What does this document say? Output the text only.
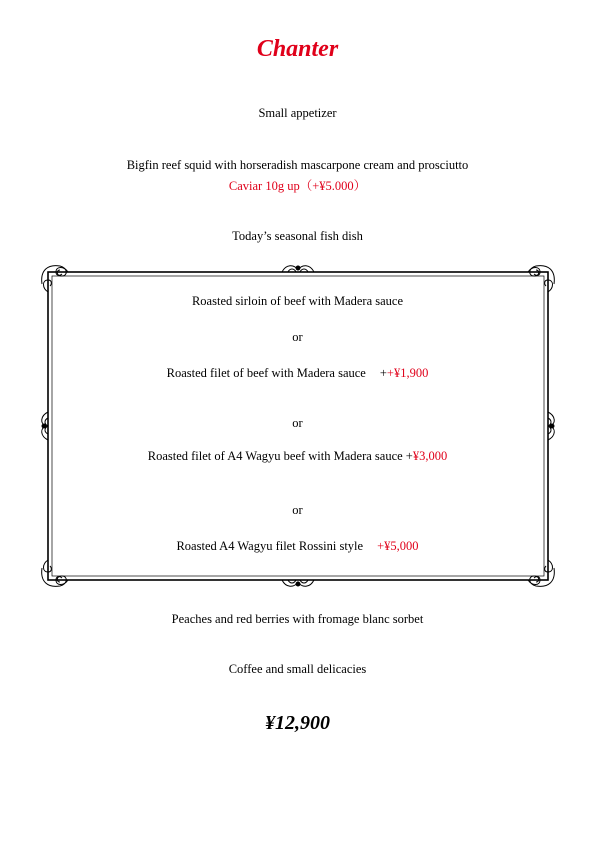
Chanter
Small appetizer
Bigfin reef squid with horseradish mascarpone cream and prosciutto
Caviar 10g up（+¥5.000）
Today’s seasonal fish dish
Roasted sirloin of beef with Madera sauce
or
Roasted filet of beef with Madera sauce ++¥1,900
or
Roasted filet of A4 Wagyu beef with Madera sauce +¥3,000
or
Roasted A4 Wagyu filet Rossini style +¥5,000
Peaches and red berries with fromage blanc sorbet
Coffee and small delicacies
¥12,900
